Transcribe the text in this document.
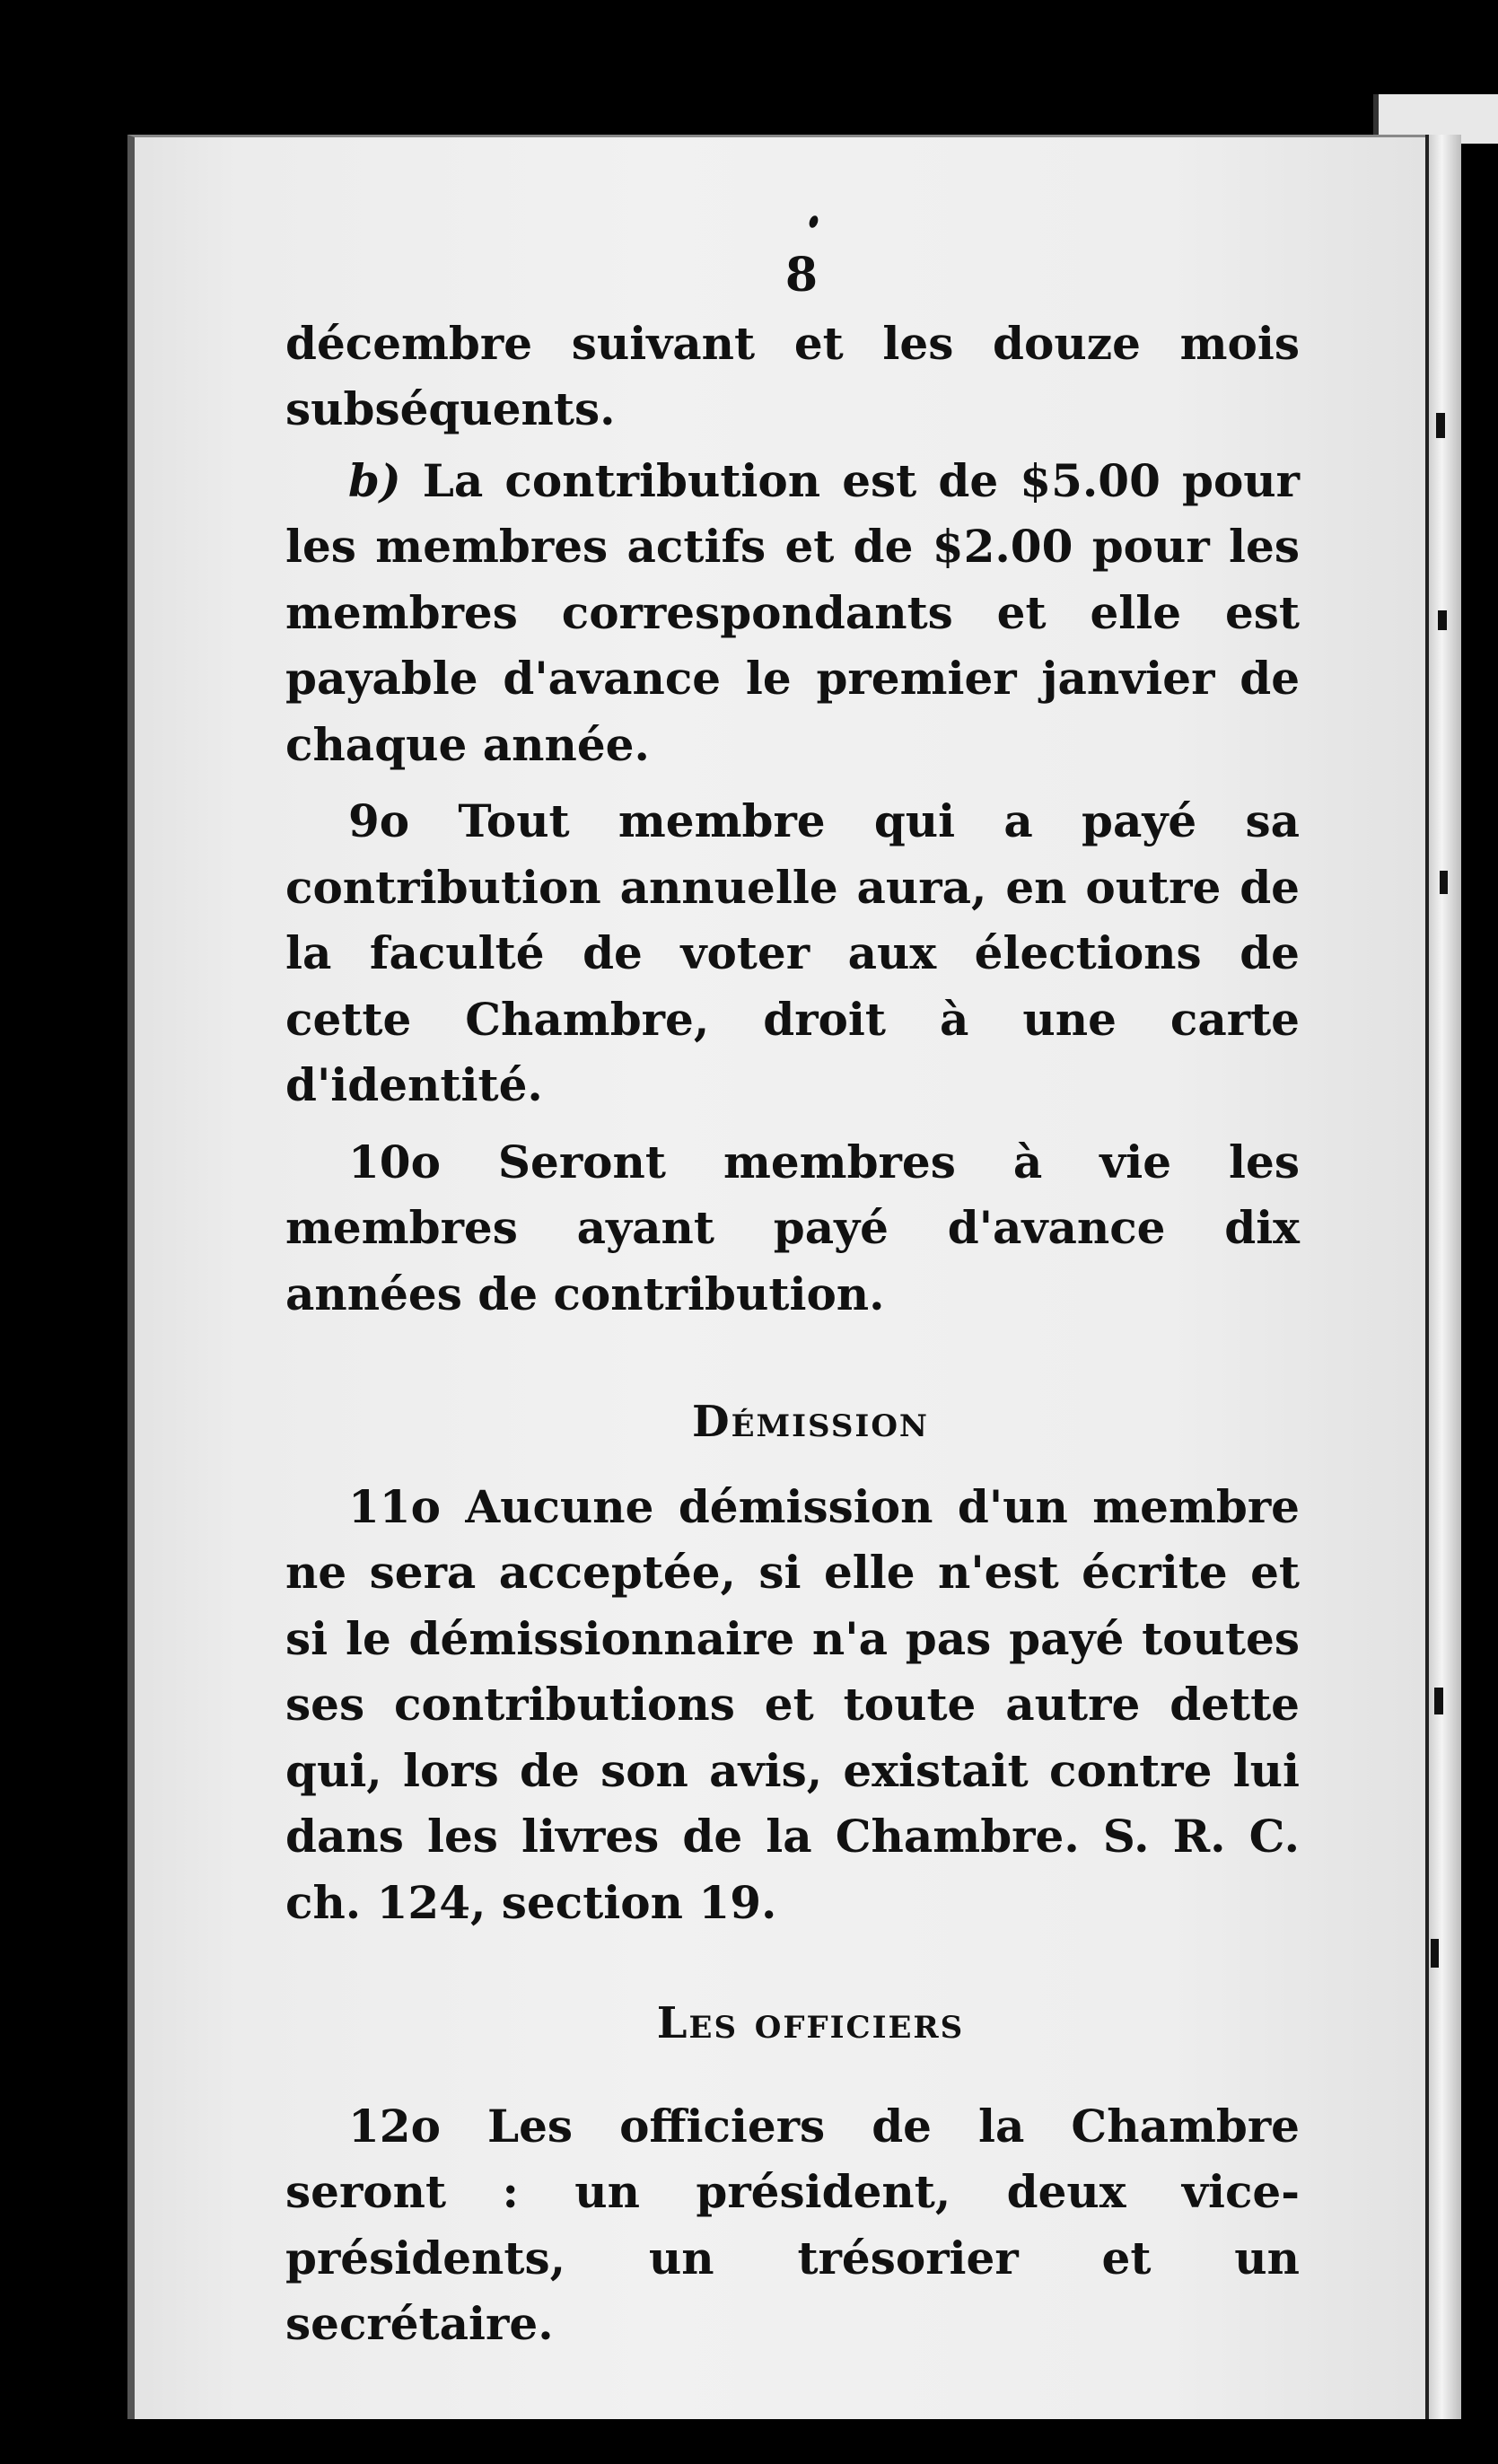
8

décembre suivant et les douze mois subséquents.

b) La contribution est de $5.00 pour les membres actifs et de $2.00 pour les membres correspondants et elle est payable d'avance le premier janvier de chaque année.

9o Tout membre qui a payé sa contribution annuelle aura, en outre de la faculté de voter aux élections de cette Chambre, droit à une carte d'identité.

10o Seront membres à vie les membres ayant payé d'avance dix années de contribution.

Démission

11o Aucune démission d'un membre ne sera acceptée, si elle n'est écrite et si le démissionnaire n'a pas payé toutes ses contributions et toute autre dette qui, lors de son avis, existait contre lui dans les livres de la Chambre. S. R. C. ch. 124, section 19.

Les officiers

12o Les officiers de la Chambre seront : un président, deux vice-présidents, un trésorier et un secrétaire.
